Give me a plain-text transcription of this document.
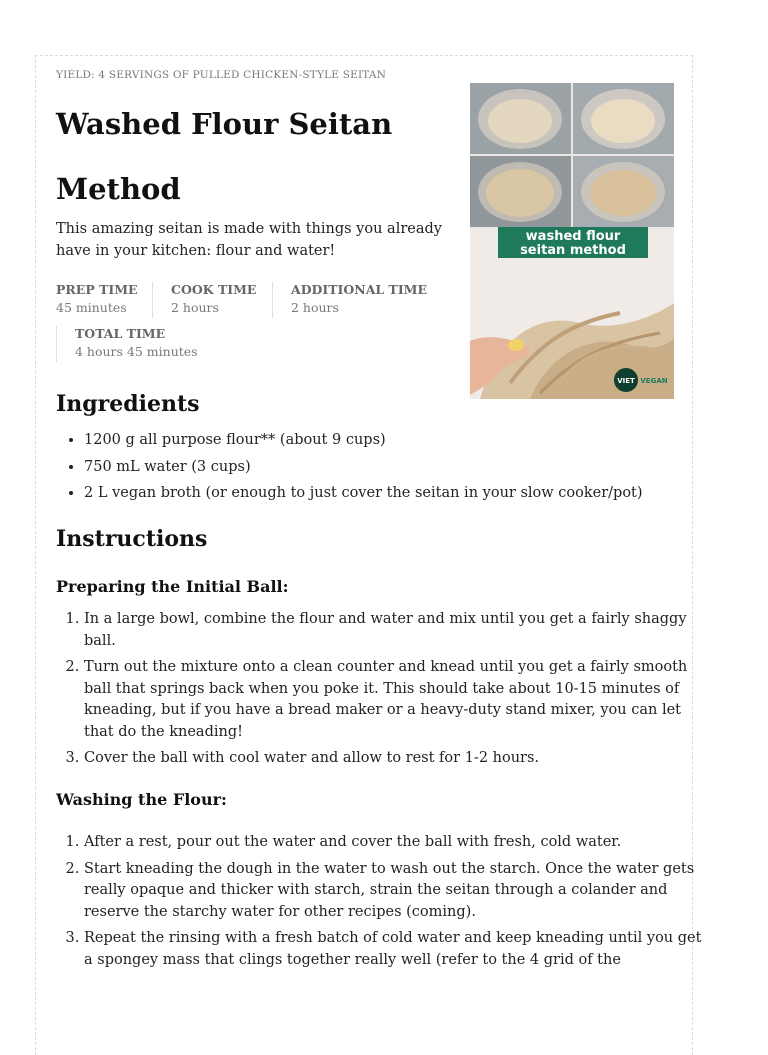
YIELD: 4 SERVINGS OF PULLED CHICKEN-STYLE SEITAN
Washed Flour Seitan Method

This amazing seitan is made with things you already have in your kitchen: flour and water!

PREP TIME
45 minutes
COOK TIME
2 hours
ADDITIONAL TIME
2 hours
TOTAL TIME
4 hours 45 minutes
washed flour
seitan method
VIET VEGAN
Ingredients
• 1200 g all purpose flour** (about 9 cups)
• 750 mL water (3 cups)
• 2 L vegan broth (or enough to just cover the seitan in your slow cooker/pot)
Instructions
Preparing the Initial Ball:
1. In a large bowl, combine the flour and water and mix until you get a fairly shaggy ball.
2. Turn out the mixture onto a clean counter and knead until you get a fairly smooth ball that springs back when you poke it. This should take about 10-15 minutes of kneading, but if you have a bread maker or a heavy-duty stand mixer, you can let that do the kneading!
3. Cover the ball with cool water and allow to rest for 1-2 hours.
Washing the Flour:
1. After a rest, pour out the water and cover the ball with fresh, cold water.
2. Start kneading the dough in the water to wash out the starch. Once the water gets really opaque and thicker with starch, strain the seitan through a colander and reserve the starchy water for other recipes (coming).
3. Repeat the rinsing with a fresh batch of cold water and keep kneading until you get a spongey mass that clings together really well (refer to the 4 grid of the
